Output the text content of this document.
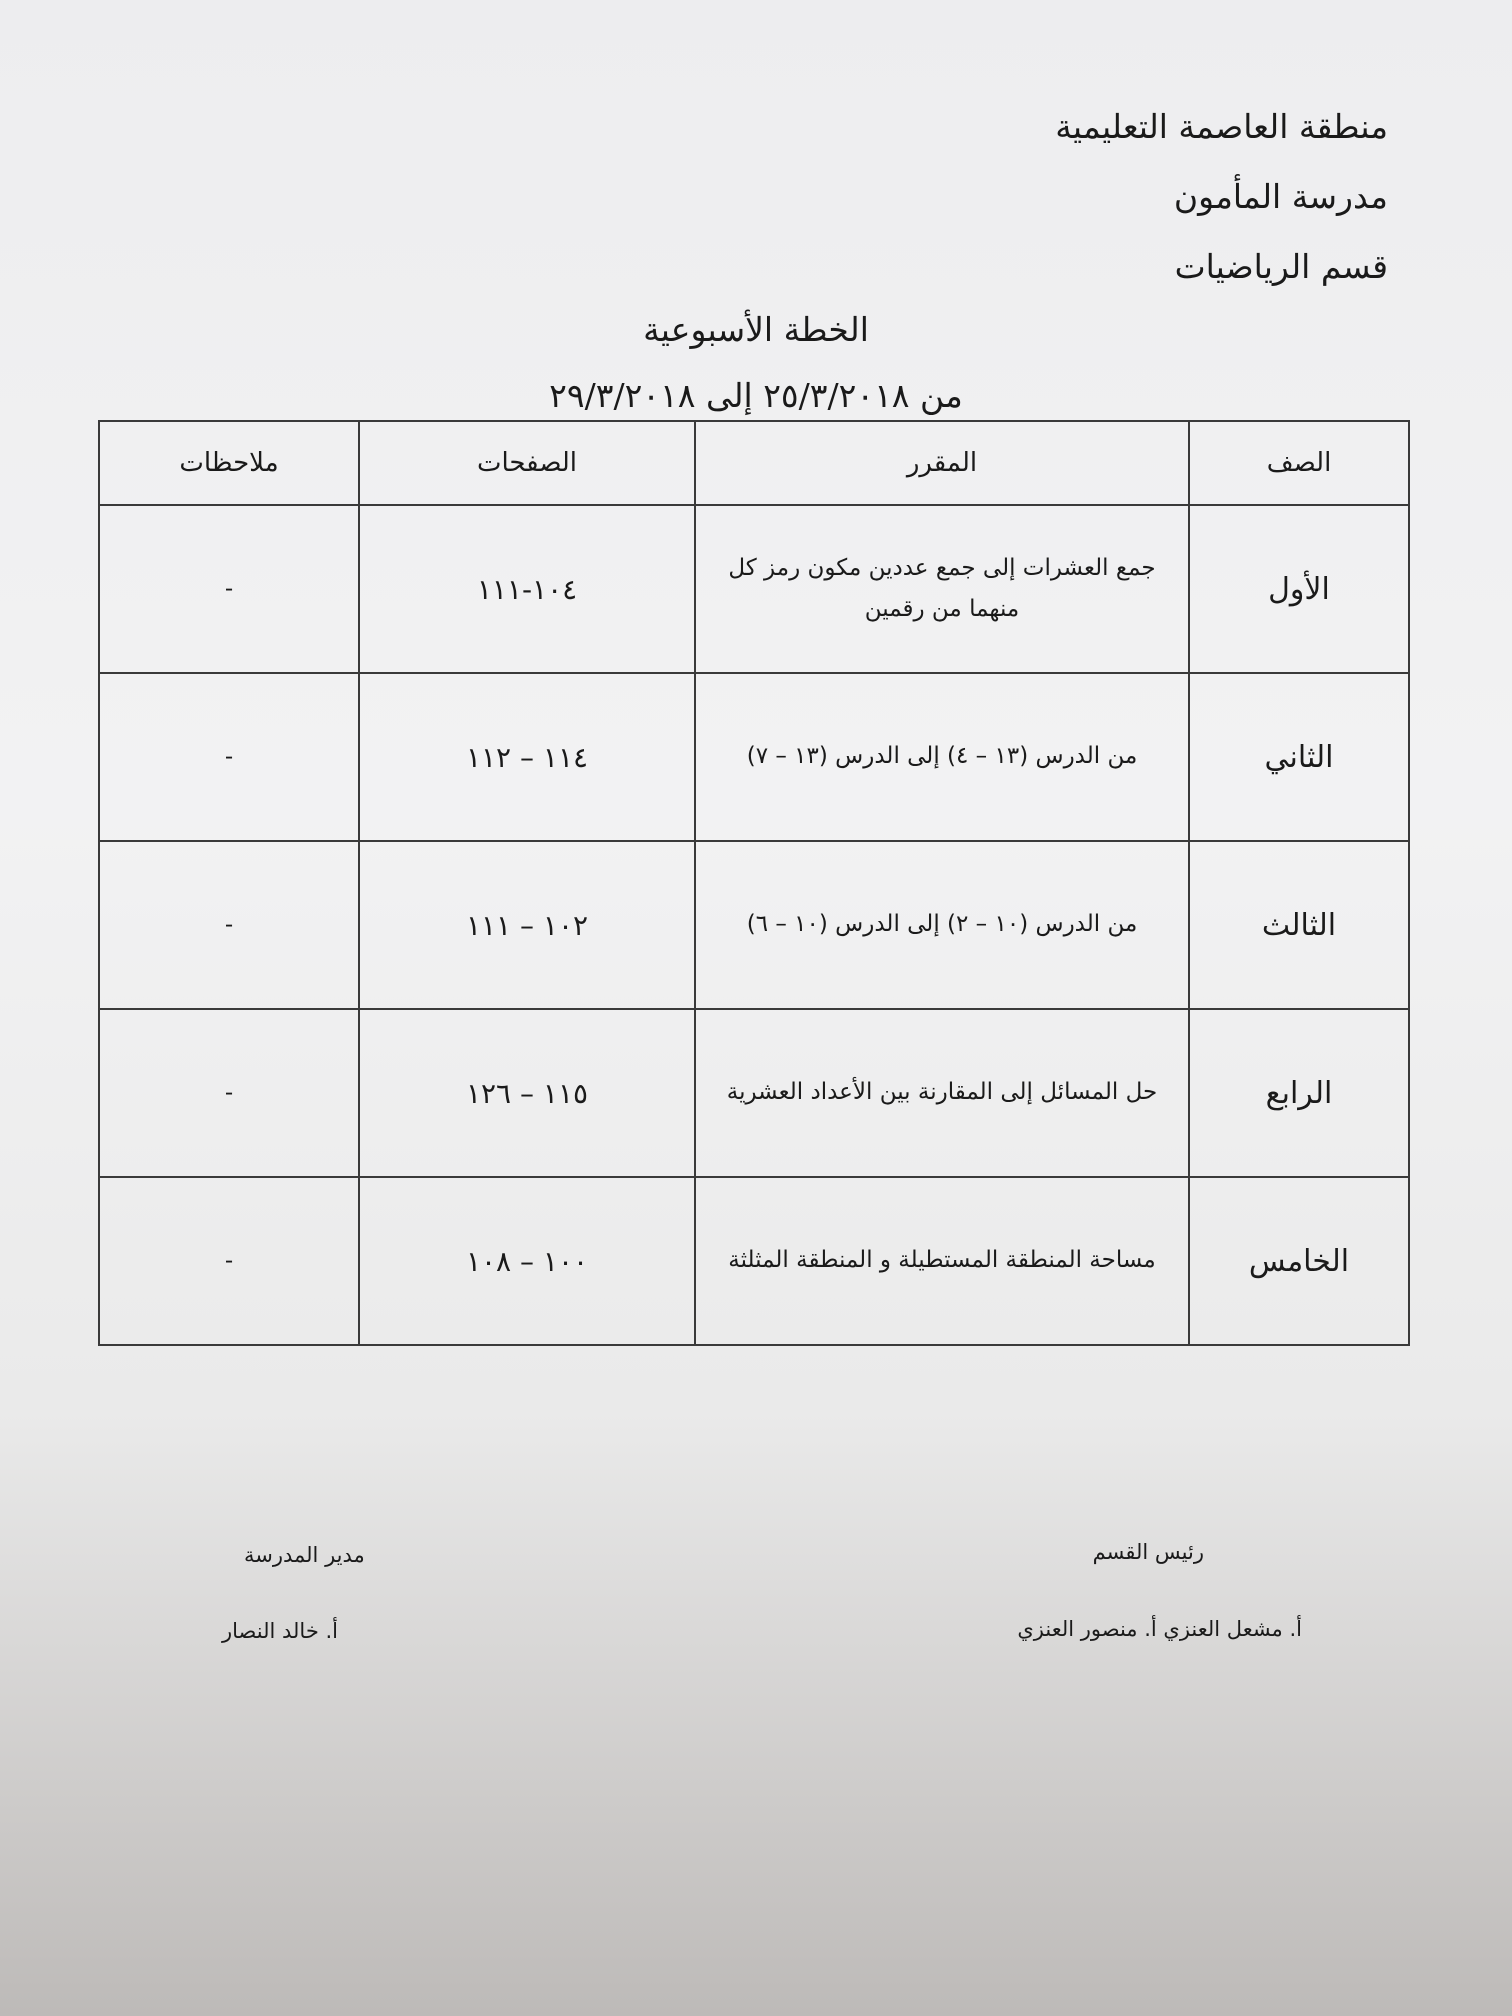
منطقة العاصمة التعليمية
مدرسة المأمون
قسم الرياضيات
الخطة الأسبوعية
من ٢٥/٣/٢٠١٨ إلى ٢٩/٣/٢٠١٨
الصف	المقرر	الصفحات	ملاحظات
الأول	جمع العشرات إلى جمع عددين مكون رمز كل منهما من رقمين	١٠٤-١١١	-
الثاني	من الدرس (١٣ – ٤) إلى الدرس (١٣ – ٧)	١١٤ – ١١٢	-
الثالث	من الدرس (١٠ – ٢) إلى الدرس (١٠ – ٦)	١٠٢ – ١١١	-
الرابع	حل المسائل إلى المقارنة بين الأعداد العشرية	١١٥ – ١٢٦	-
الخامس	مساحة المنطقة المستطيلة و المنطقة المثلثة	١٠٠ – ١٠٨	-
رئيس القسم
أ. مشعل العنزي أ. منصور العنزي
مدير المدرسة
أ. خالد النصار
